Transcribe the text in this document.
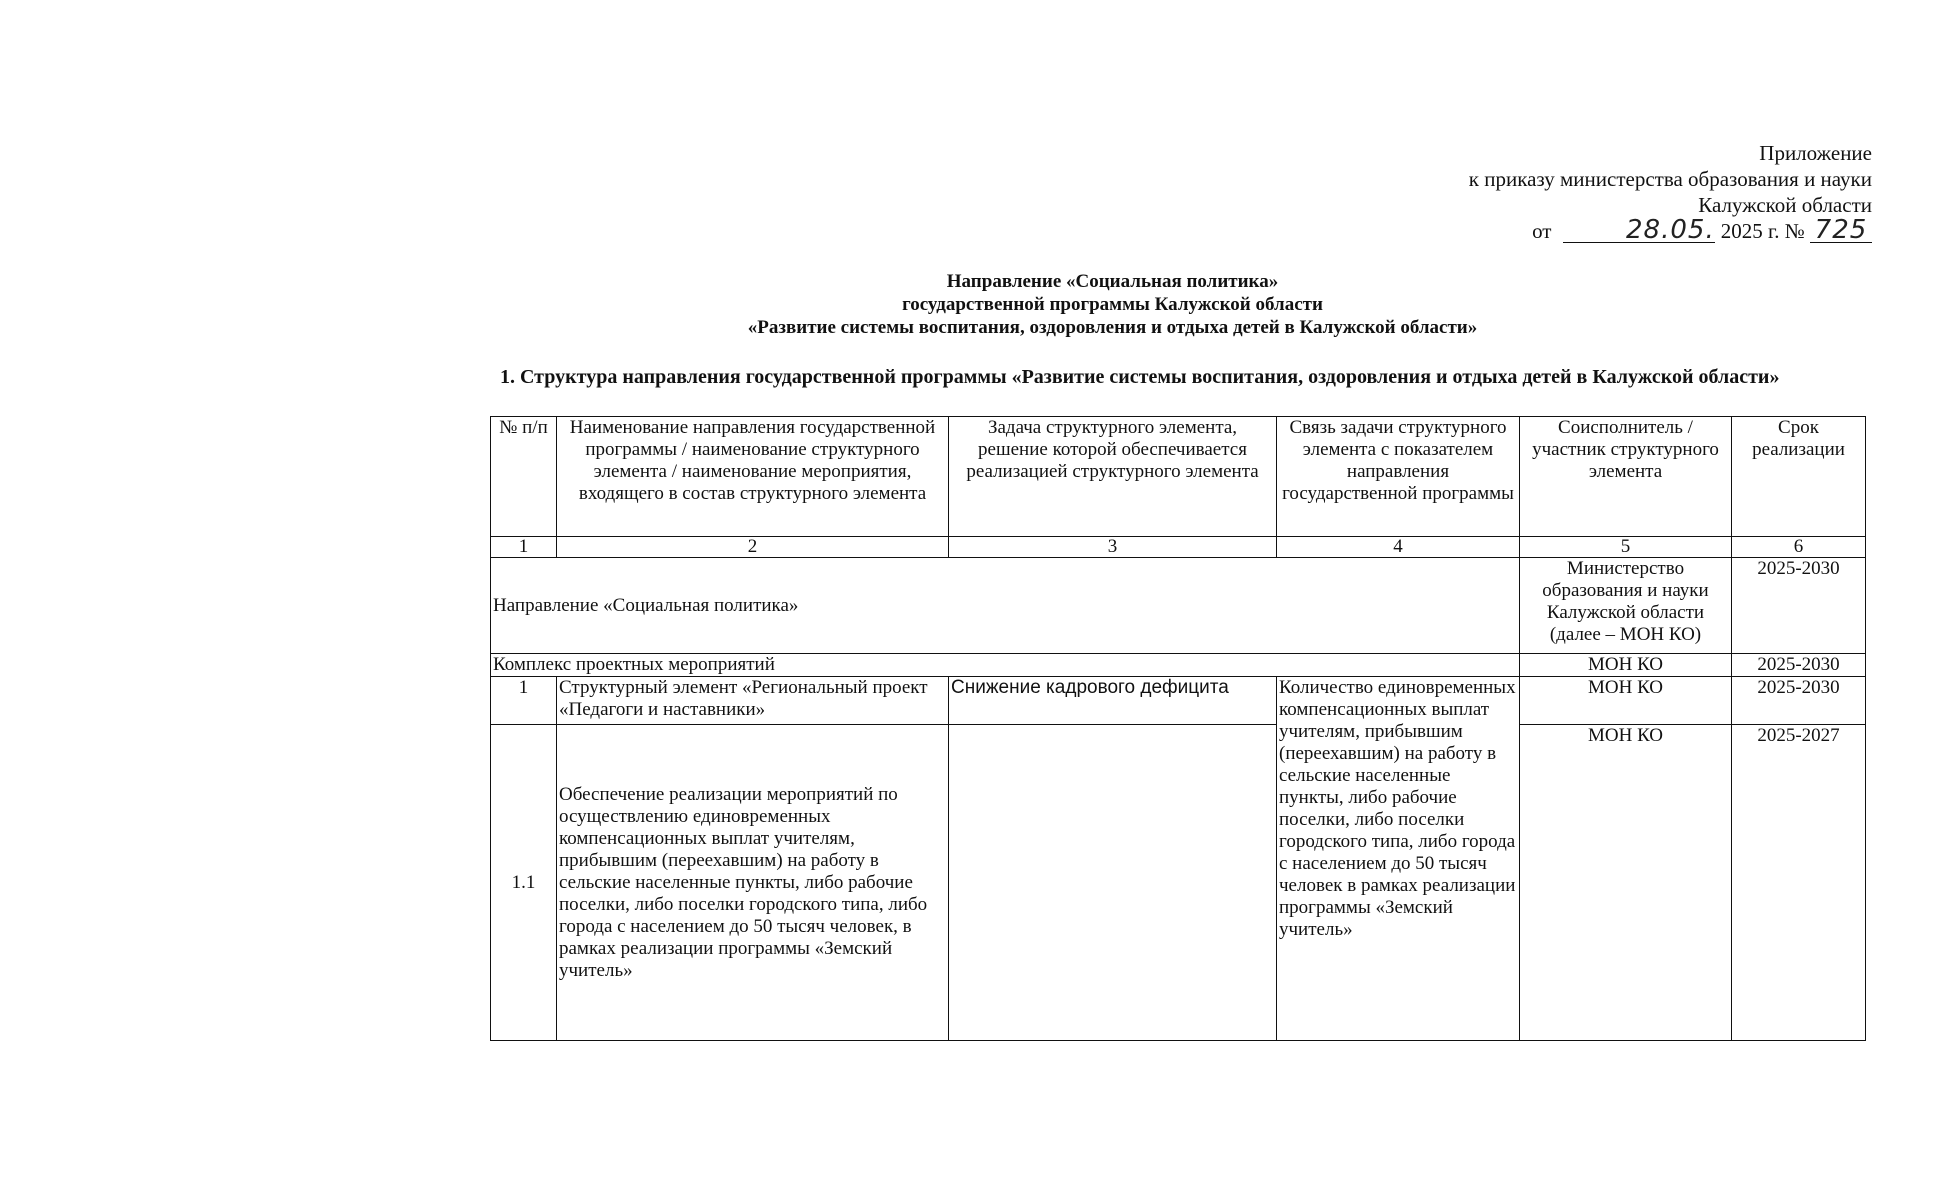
Приложение
к приказу министерства образования и науки
Калужской области
от	28.05. 2025 г. № 725
Направление «Социальная политика»
государственной программы Калужской области
«Развитие системы воспитания, оздоровления и отдыха детей в Калужской области»
1. Структура направления государственной программы «Развитие системы воспитания, оздоровления и отдыха детей в Калужской области»
№ п/п	Наименование направления государственной программы / наименование структурного элемента / наименование мероприятия, входящего в состав структурного элемента	Задача структурного элемента, решение которой обеспечивается реализацией структурного элемента	Связь задачи структурного элемента с показателем направления государственной программы	Соисполнитель / участник структурного элемента	Срок реализации
1	2	3	4	5	6
Направление «Социальная политика»				Министерство образования и науки Калужской области (далее – МОН КО)	2025-2030
Комплекс проектных мероприятий				МОН КО	2025-2030
1	Структурный элемент «Региональный проект «Педагоги и наставники»	Снижение кадрового дефицита	Количество единовременных компенсационных выплат учителям, прибывшим (переехавшим) на работу в сельские населенные пункты, либо рабочие поселки, либо поселки городского типа, либо города с населением до 50 тысяч человек в рамках реализации программы «Земский учитель»	МОН КО	2025-2030
1.1	Обеспечение реализации мероприятий по осуществлению единовременных компенсационных выплат учителям, прибывшим (переехавшим) на работу в сельские населенные пункты, либо рабочие поселки, либо поселки городского типа, либо города с населением до 50 тысяч человек, в рамках реализации программы «Земский учитель»			МОН КО	2025-2027
